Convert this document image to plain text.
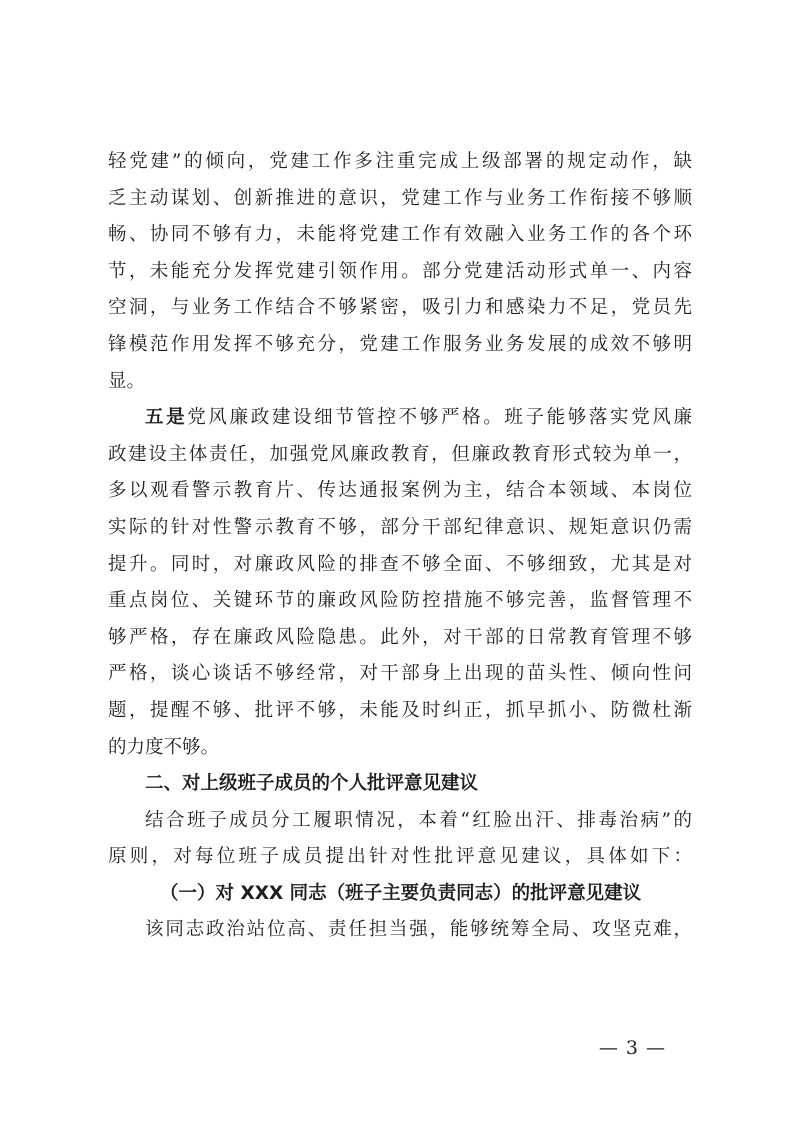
轻党建”的倾向，党建工作多注重完成上级部署的规定动作，缺
乏主动谋划、创新推进的意识，党建工作与业务工作衔接不够顺
畅、协同不够有力，未能将党建工作有效融入业务工作的各个环
节，未能充分发挥党建引领作用。部分党建活动形式单一、内容
空洞，与业务工作结合不够紧密，吸引力和感染力不足，党员先
锋模范作用发挥不够充分，党建工作服务业务发展的成效不够明
显。
五是党风廉政建设细节管控不够严格。班子能够落实党风廉
政建设主体责任，加强党风廉政教育，但廉政教育形式较为单一，
多以观看警示教育片、传达通报案例为主，结合本领域、本岗位
实际的针对性警示教育不够，部分干部纪律意识、规矩意识仍需
提升。同时，对廉政风险的排查不够全面、不够细致，尤其是对
重点岗位、关键环节的廉政风险防控措施不够完善，监督管理不
够严格，存在廉政风险隐患。此外，对干部的日常教育管理不够
严格，谈心谈话不够经常，对干部身上出现的苗头性、倾向性问
题，提醒不够、批评不够，未能及时纠正，抓早抓小、防微杜渐
的力度不够。
二、对上级班子成员的个人批评意见建议
结合班子成员分工履职情况，本着“红脸出汗、排毒治病”的
原则，对每位班子成员提出针对性批评意见建议，具体如下：
（一）对 XXX 同志（班子主要负责同志）的批评意见建议
该同志政治站位高、责任担当强，能够统筹全局、攻坚克难，
— 3 —
